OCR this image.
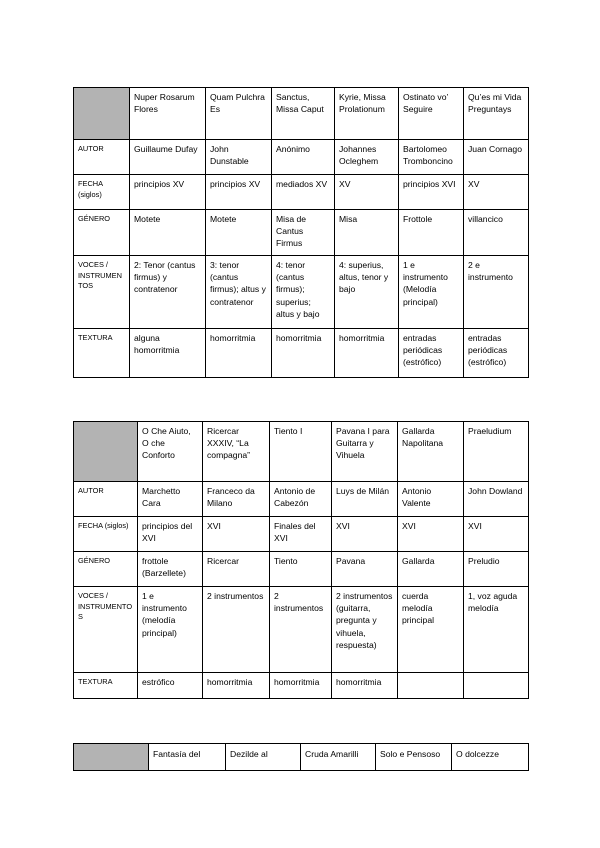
	Nuper Rosarum Flores	Quam Pulchra Es	Sanctus, Missa Caput	Kyrie, Missa Prolationum	Ostinato vo’ Seguire	Qu’es mi Vida Preguntays
AUTOR	Guillaume Dufay	John Dunstable	Anónimo	Johannes Ocleghem	Bartolomeo Tromboncino	Juan Cornago
FECHA (siglos)	principios XV	principios XV	mediados XV	XV	principios XVI	XV
GÉNERO	Motete	Motete	Misa de Cantus Firmus	Misa	Frottole	villancico
VOCES / INSTRUMENTOS	2: Tenor (cantus firmus) y contratenor	3: tenor (cantus firmus); altus y contratenor	4: tenor (cantus firmus); superius; altus y bajo	4: superius, altus, tenor y bajo	1 e instrumento (Melodía principal)	2 e instrumento
TEXTURA	alguna homorritmia	homorritmia	homorritmia	homorritmia	entradas periódicas (estrófico)	entradas periódicas (estrófico)
	O Che Aiuto, O che Conforto	Ricercar XXXIV, “La compagna”	Tiento I	Pavana I para Guitarra y Vihuela	Gallarda Napolitana	Praeludium
AUTOR	Marchetto Cara	Franceco da Milano	Antonio de Cabezón	Luys de Milán	Antonio Valente	John Dowland
FECHA (siglos)	principios del XVI	XVI	Finales del XVI	XVI	XVI	XVI
GÉNERO	frottole (Barzellete)	Ricercar	Tiento	Pavana	Gallarda	Preludio
VOCES / INSTRUMENTOS	1 e instrumento (melodía principal)	2 instrumentos	2 instrumentos	2 instrumentos (guitarra, pregunta y vihuela, respuesta)	cuerda melodía principal	1, voz aguda melodía
TEXTURA	estrófico	homorritmia	homorritmia	homorritmia		
	Fantasía del	Dezilde al	Cruda Amarilli	Solo e Pensoso	O dolcezze
